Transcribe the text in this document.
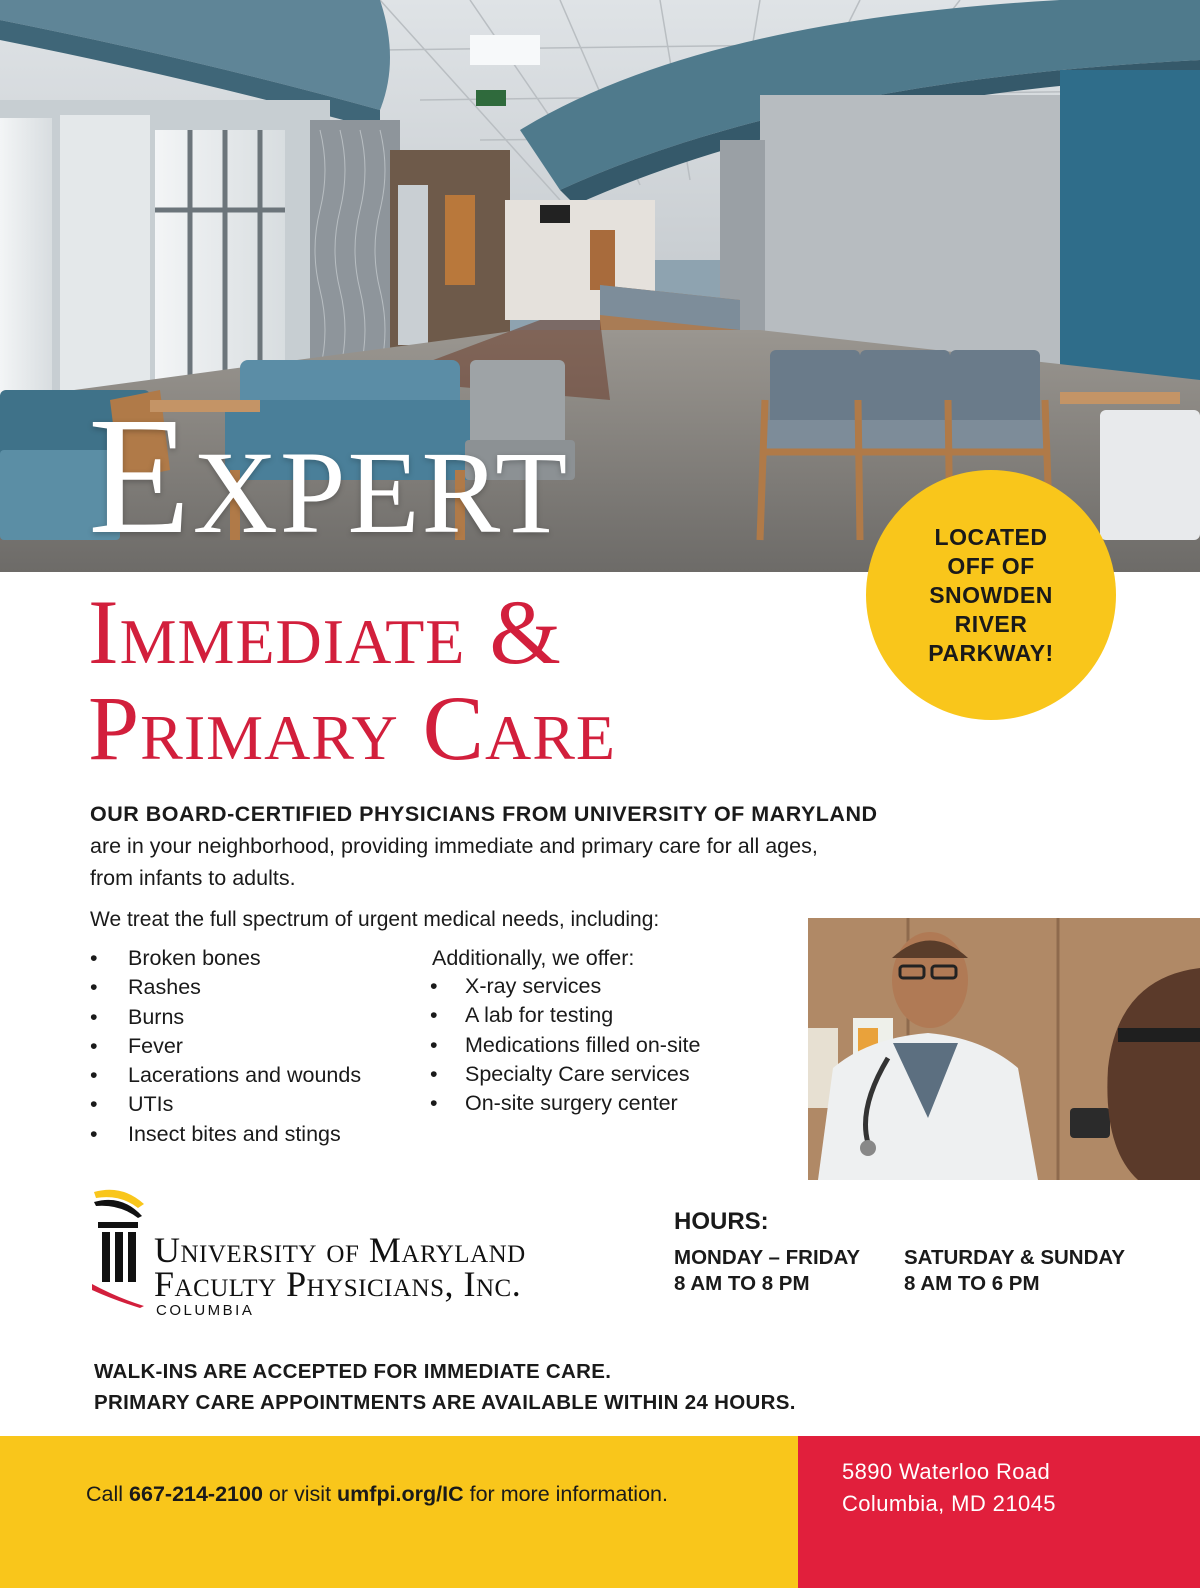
Expert
Immediate &
Primary Care
LOCATED
OFF OF
SNOWDEN
RIVER
PARKWAY!
OUR BOARD-CERTIFIED PHYSICIANS FROM UNIVERSITY OF MARYLAND
are in your neighborhood, providing immediate and primary care for all ages,
from infants to adults.
We treat the full spectrum of urgent medical needs, including:
• Broken bones
• Rashes
• Burns
• Fever
• Lacerations and wounds
• UTIs
• Insect bites and stings
Additionally, we offer:
• X-ray services
• A lab for testing
• Medications filled on-site
• Specialty Care services
• On-site surgery center
University of Maryland
Faculty Physicians, Inc.
COLUMBIA
HOURS:
MONDAY – FRIDAY
8 AM TO 8 PM
SATURDAY & SUNDAY
8 AM TO 6 PM
WALK-INS ARE ACCEPTED FOR IMMEDIATE CARE.
PRIMARY CARE APPOINTMENTS ARE AVAILABLE WITHIN 24 HOURS.
Call 667-214-2100 or visit umfpi.org/IC for more information.
5890 Waterloo Road
Columbia, MD 21045
